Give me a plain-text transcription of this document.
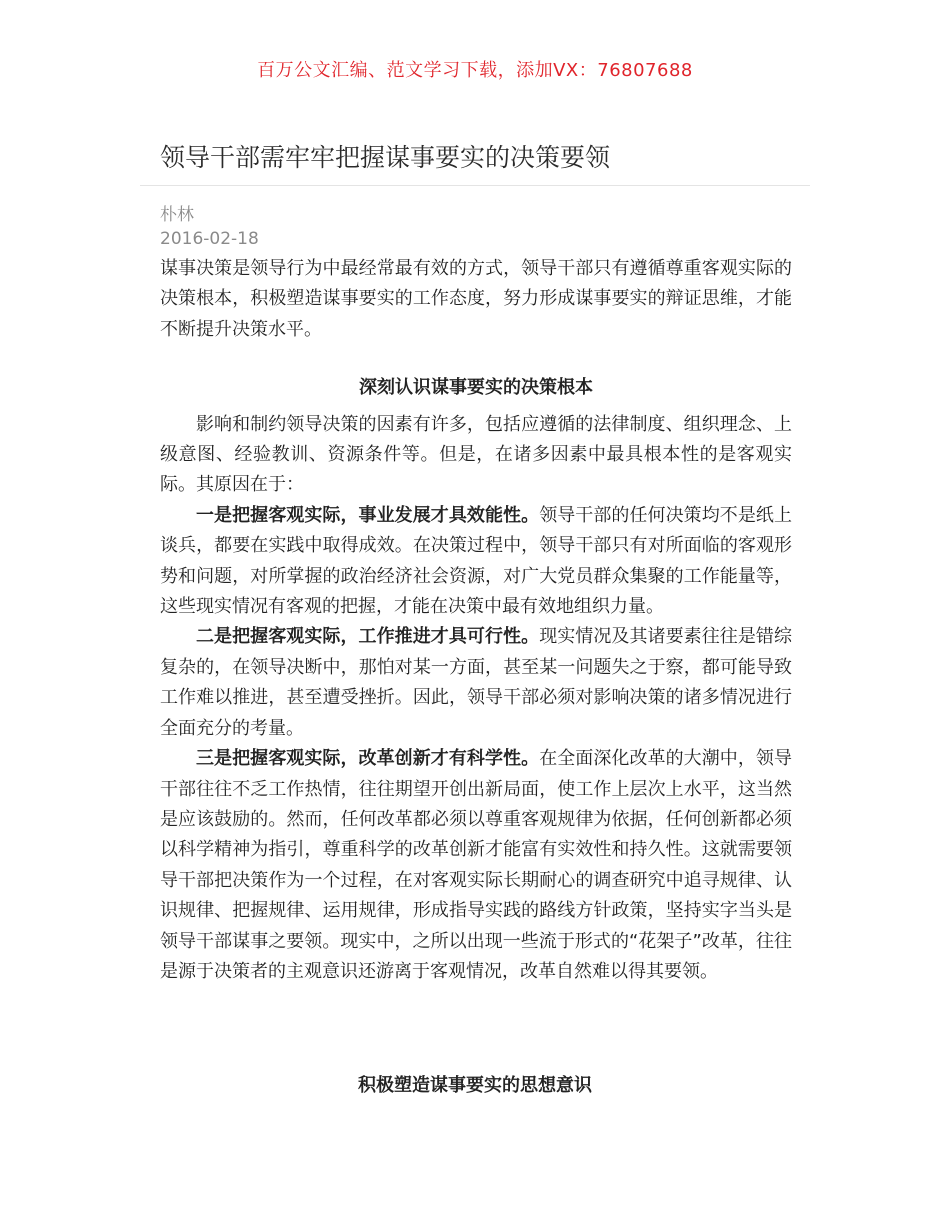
百万公文汇编、范文学习下载，添加VX：76807688
领导干部需牢牢把握谋事要实的决策要领
朴林
2016-02-18

谋事决策是领导行为中最经常最有效的方式，领导干部只有遵循尊重客观实际的决策根本，积极塑造谋事要实的工作态度，努力形成谋事要实的辩证思维，才能不断提升决策水平。

深刻认识谋事要实的决策根本

影响和制约领导决策的因素有许多，包括应遵循的法律制度、组织理念、上级意图、经验教训、资源条件等。但是，在诸多因素中最具根本性的是客观实际。其原因在于：

一是把握客观实际，事业发展才具效能性。领导干部的任何决策均不是纸上谈兵，都要在实践中取得成效。在决策过程中，领导干部只有对所面临的客观形势和问题，对所掌握的政治经济社会资源，对广大党员群众集聚的工作能量等，这些现实情况有客观的把握，才能在决策中最有效地组织力量。

二是把握客观实际，工作推进才具可行性。现实情况及其诸要素往往是错综复杂的，在领导决断中，那怕对某一方面，甚至某一问题失之于察，都可能导致工作难以推进，甚至遭受挫折。因此，领导干部必须对影响决策的诸多情况进行全面充分的考量。

三是把握客观实际，改革创新才有科学性。在全面深化改革的大潮中，领导干部往往不乏工作热情，往往期望开创出新局面，使工作上层次上水平，这当然是应该鼓励的。然而，任何改革都必须以尊重客观规律为依据，任何创新都必须以科学精神为指引，尊重科学的改革创新才能富有实效性和持久性。这就需要领导干部把决策作为一个过程，在对客观实际长期耐心的调查研究中追寻规律、认识规律、把握规律、运用规律，形成指导实践的路线方针政策，坚持实字当头是领导干部谋事之要领。现实中，之所以出现一些流于形式的“花架子”改革，往往是源于决策者的主观意识还游离于客观情况，改革自然难以得其要领。

积极塑造谋事要实的思想意识
